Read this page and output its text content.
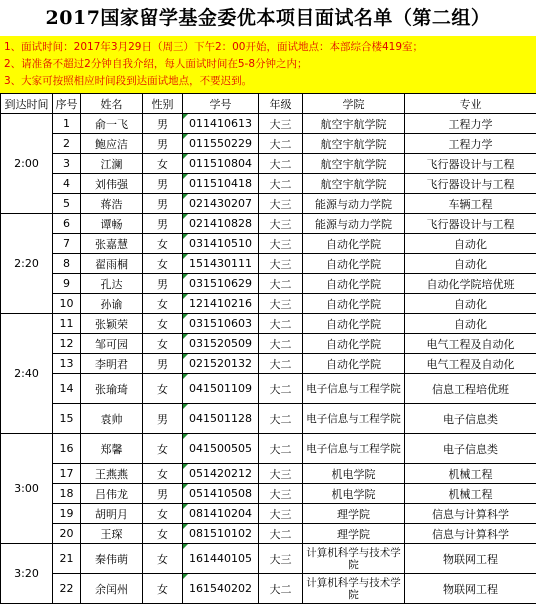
2017国家留学基金委优本项目面试名单（第二组）
1、面试时间：2017年3月29日（周三）下午2：00开始，面试地点：本部综合楼419室；
2、请准备不超过2分钟自我介绍，每人面试时间在5-8分钟之内；
3、大家可按照相应时间段到达面试地点，不要迟到。
到达时间	序号	姓名	性别	学号	年级	学院	专业
2:00	1	俞一飞	男	011410613	大三	航空宇航学院	工程力学
	2	鲍应洁	男	011550229	大二	航空宇航学院	工程力学
	3	江澜	女	011510804	大二	航空宇航学院	飞行器设计与工程
	4	刘伟强	男	011510418	大二	航空宇航学院	飞行器设计与工程
	5	蒋浩	男	021430207	大三	能源与动力学院	车辆工程
2:20	6	谭畅	男	021410828	大三	能源与动力学院	飞行器设计与工程
	7	张嘉慧	女	031410510	大三	自动化学院	自动化
	8	翟雨桐	女	151430111	大三	自动化学院	自动化
	9	孔达	男	031510629	大二	自动化学院	自动化学院培优班
	10	孙谕	女	121410216	大三	自动化学院	自动化
2:40	11	张颖荣	女	031510603	大二	自动化学院	自动化
	12	邹可园	女	031520509	大二	自动化学院	电气工程及自动化
	13	李明君	男	021520132	大二	自动化学院	电气工程及自动化
	14	张瑜琦	女	041501109	大二	电子信息与工程学院	信息工程培优班
	15	袁帅	男	041501128	大二	电子信息与工程学院	电子信息类
3:00	16	郑馨	女	041500505	大二	电子信息与工程学院	电子信息类
	17	王燕燕	女	051420212	大三	机电学院	机械工程
	18	吕伟龙	男	051410508	大三	机电学院	机械工程
	19	胡明月	女	081410204	大三	理学院	信息与计算科学
	20	王琛	女	081510102	大二	理学院	信息与计算科学
3:20	21	秦伟萌	女	161440105	大三	计算机科学与技术学院	物联网工程
	22	余闰州	女	161540202	大二	计算机科学与技术学院	物联网工程
